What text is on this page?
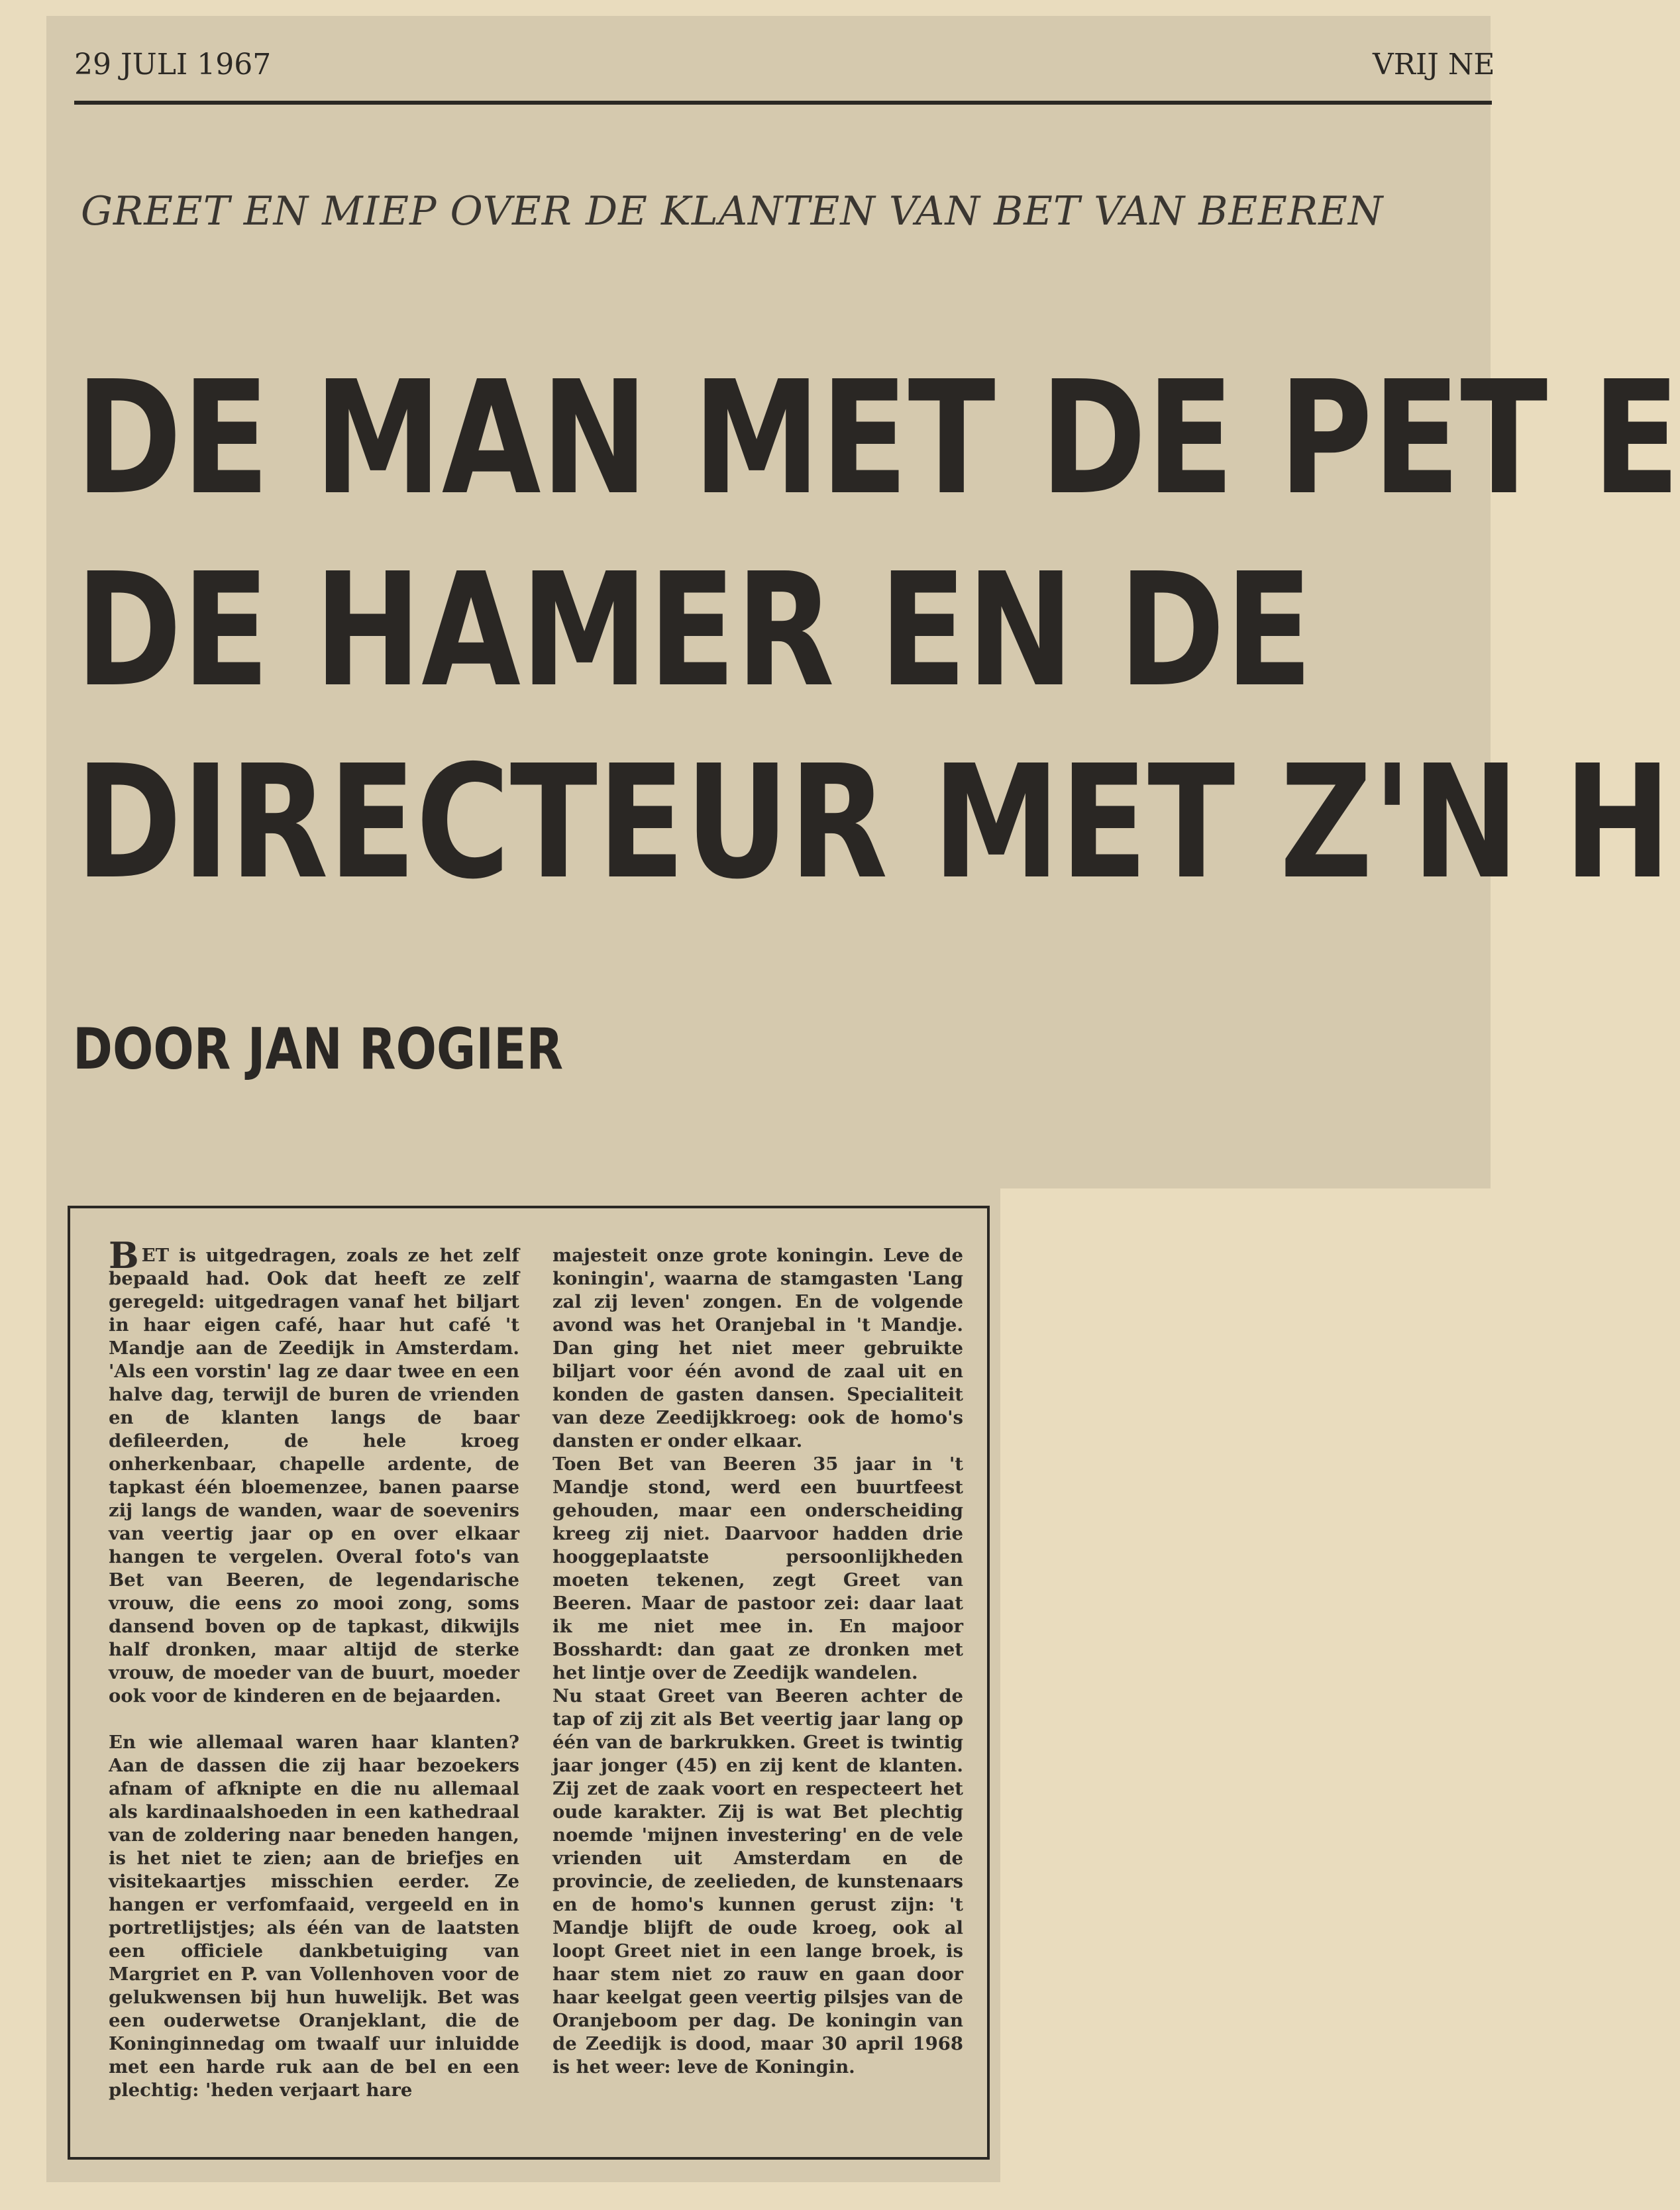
29 JULI 1967	VRIJ NE
GREET EN MIEP OVER DE KLANTEN VAN BET VAN BEEREN
DE MAN MET DE PET E
DE HAMER EN DE
DIRECTEUR MET Z'N H
DOOR JAN ROGIER

BET is uitgedragen, zoals ze het zelf bepaald had. Ook dat heeft ze zelf geregeld: uitgedragen vanaf het biljart in haar eigen café, haar hut café 't Mandje aan de Zeedijk in Amsterdam. 'Als een vorstin' lag ze daar twee en een halve dag, terwijl de buren de vrienden en de klanten langs de baar defileerden, de hele kroeg onherkenbaar, chapelle ardente, de tapkast één bloemenzee, banen paarse zij langs de wanden, waar de soevenirs van veertig jaar op en over elkaar hangen te vergelen. Overal foto's van Bet van Beeren, de legendarische vrouw, die eens zo mooi zong, soms dansend boven op de tapkast, dikwijls half dronken, maar altijd de sterke vrouw, de moeder van de buurt, moeder ook voor de kinderen en de bejaarden.

En wie allemaal waren haar klanten? Aan de dassen die zij haar bezoekers afnam of afknipte en die nu allemaal als kardinaalshoeden in een kathedraal van de zoldering naar beneden hangen, is het niet te zien; aan de briefjes en visitekaartjes misschien eerder. Ze hangen er verfomfaaid, vergeeld en in portretlijstjes; als één van de laatsten een officiele dankbetuiging van Margriet en P. van Vollenhoven voor de gelukwensen bij hun huwelijk. Bet was een ouderwetse Oranjeklant, die de Koninginnedag om twaalf uur inluidde met een harde ruk aan de bel en een plechtig: 'heden verjaart hare

majesteit onze grote koningin. Leve de koningin', waarna de stamgasten 'Lang zal zij leven' zongen. En de volgende avond was het Oranjebal in 't Mandje. Dan ging het niet meer gebruikte biljart voor één avond de zaal uit en konden de gasten dansen. Specialiteit van deze Zeedijkkroeg: ook de homo's dansten er onder elkaar.

Toen Bet van Beeren 35 jaar in 't Mandje stond, werd een buurtfeest gehouden, maar een onderscheiding kreeg zij niet. Daarvoor hadden drie hooggeplaatste persoonlijkheden moeten tekenen, zegt Greet van Beeren. Maar de pastoor zei: daar laat ik me niet mee in. En majoor Bosshardt: dan gaat ze dronken met het lintje over de Zeedijk wandelen.

Nu staat Greet van Beeren achter de tap of zij zit als Bet veertig jaar lang op één van de barkrukken. Greet is twintig jaar jonger (45) en zij kent de klanten. Zij zet de zaak voort en respecteert het oude karakter. Zij is wat Bet plechtig noemde 'mijnen investering' en de vele vrienden uit Amsterdam en de provincie, de zeelieden, de kunstenaars en de homo's kunnen gerust zijn: 't Mandje blijft de oude kroeg, ook al loopt Greet niet in een lange broek, is haar stem niet zo rauw en gaan door haar keelgat geen veertig pilsjes van de Oranjeboom per dag. De koningin van de Zeedijk is dood, maar 30 april 1968 is het weer: leve de Koningin.
